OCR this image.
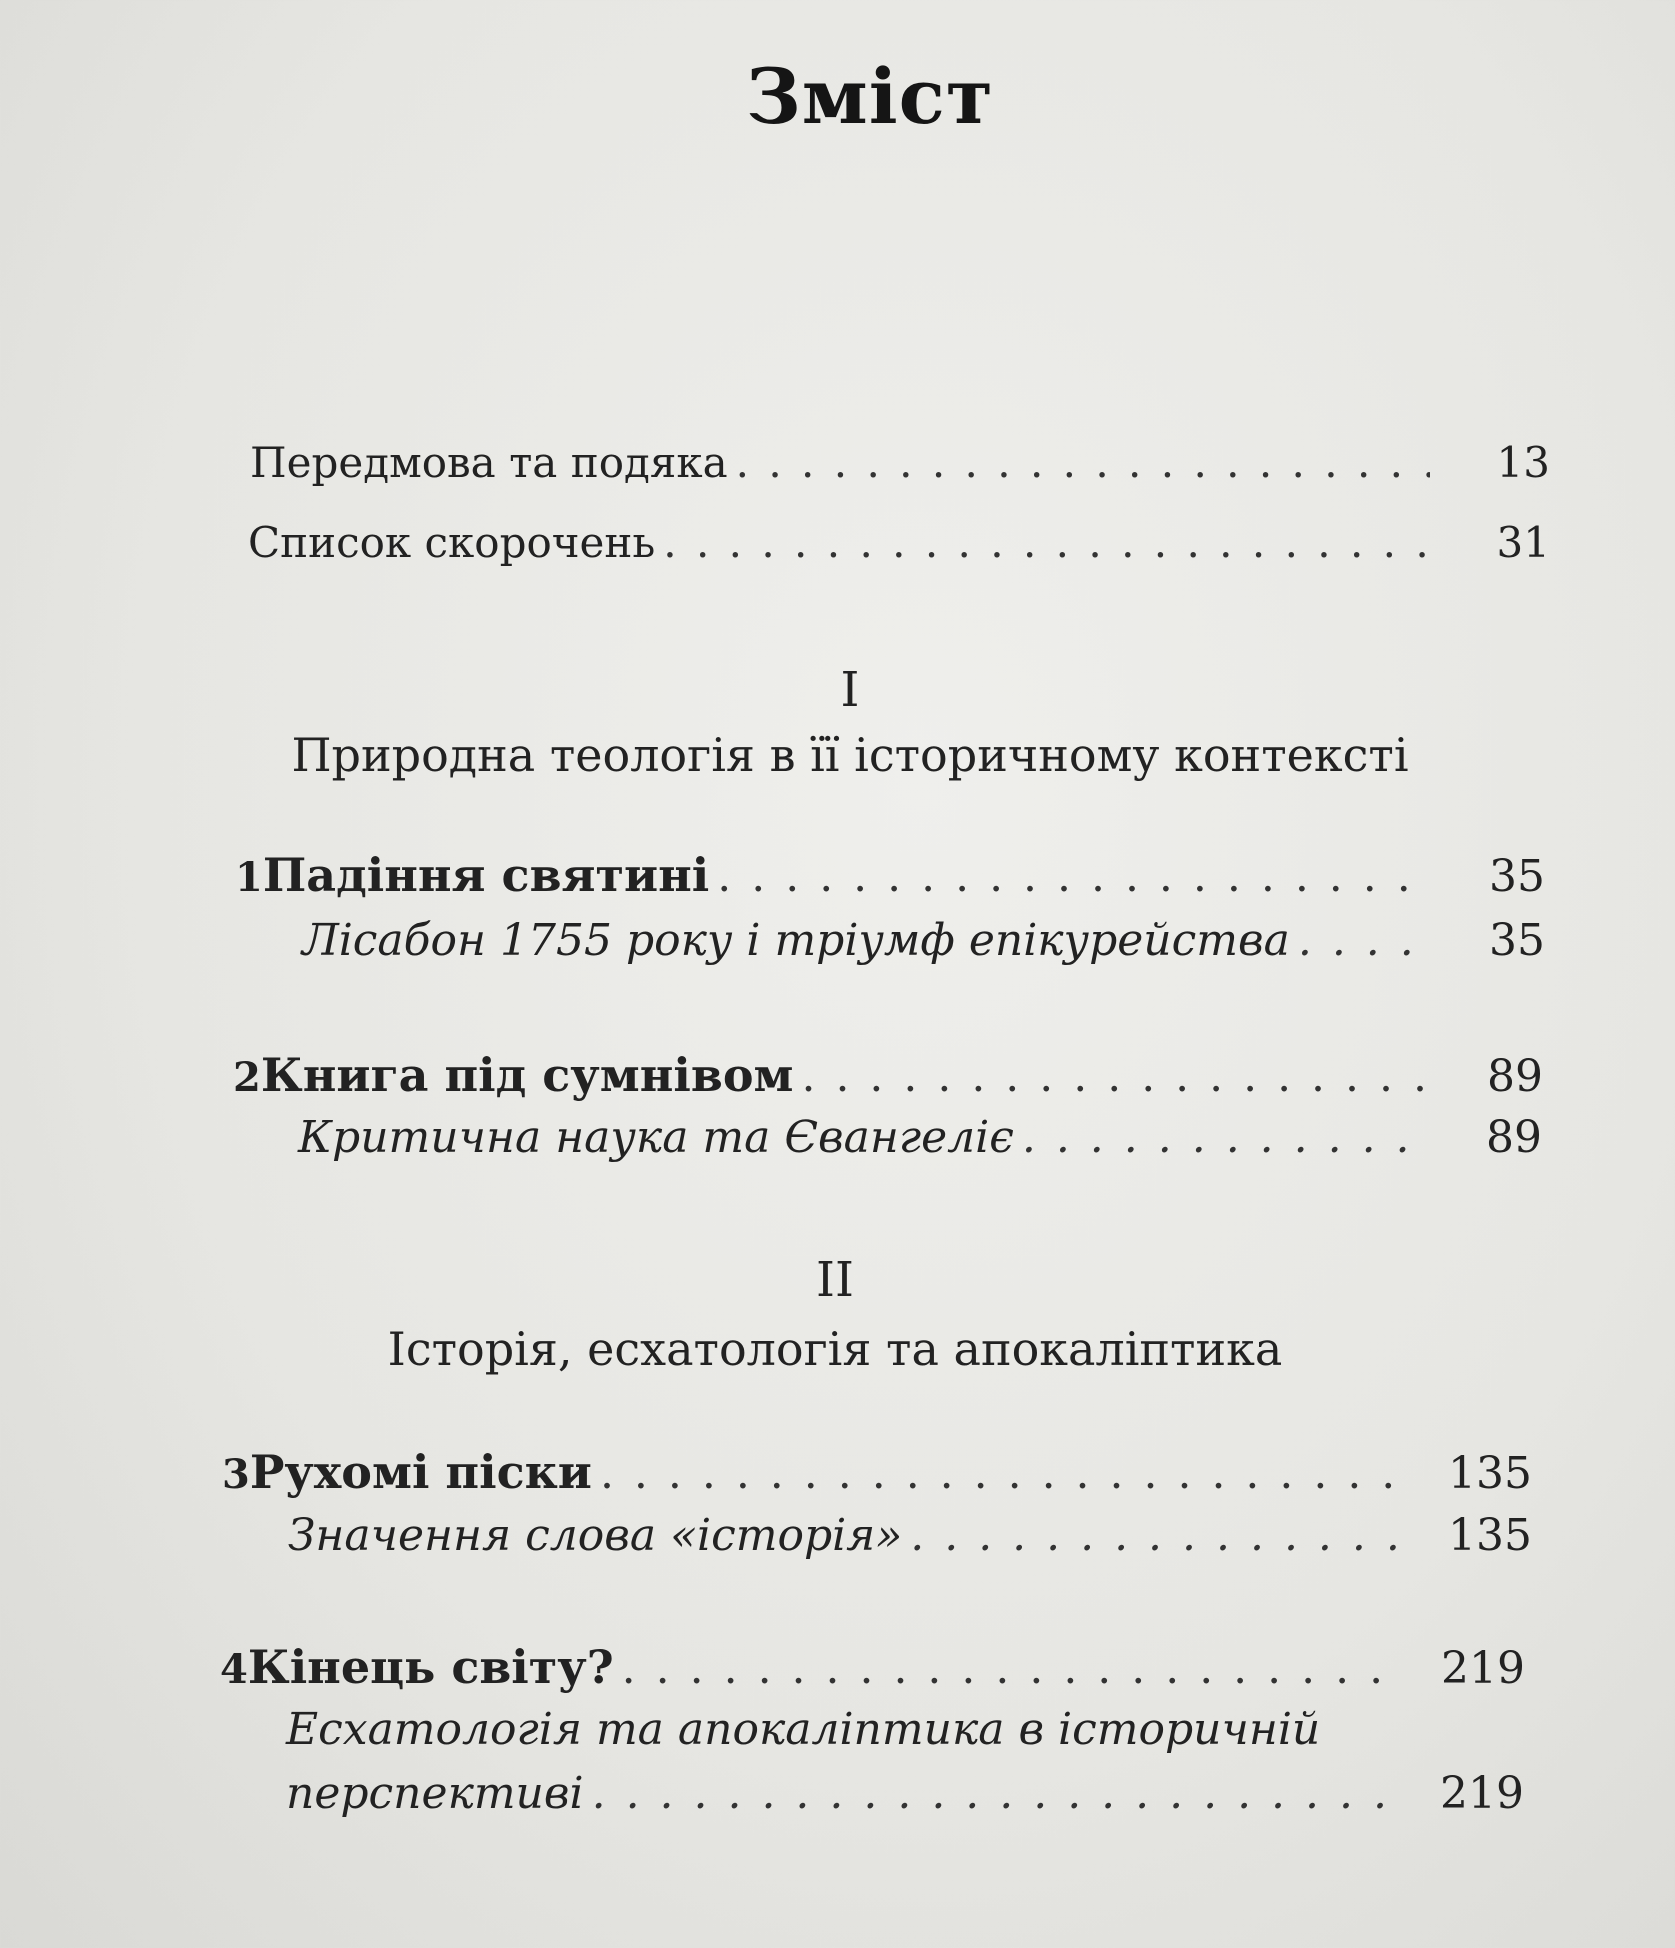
Зміст
Передмова та подяка . . .	13
Список скорочень . . .	31
I
Природна теологія в її історичному контексті
1 Падіння святині . . .	35
Лісабон 1755 року і тріумф епікурейства . . .	35
2 Книга під сумнівом . . .	89
Критична наука та Євангеліє . . .	89
II
Історія, есхатологія та апокаліптика
3 Рухомі піски . . .	135
Значення слова «історія» . . .	135
4 Кінець світу? . . .	219
Есхатологія та апокаліптика в історичній
перспективі . . .	219
